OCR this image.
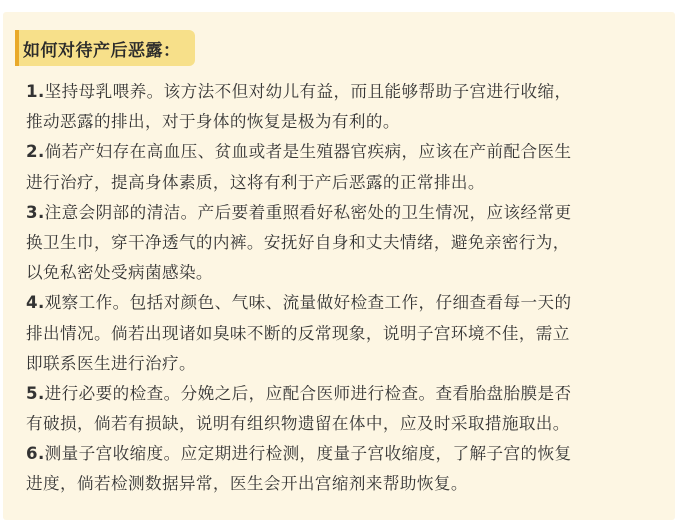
如何对待产后恶露：
1.坚持母乳喂养。该方法不但对幼儿有益，而且能够帮助子宫进行收缩，
推动恶露的排出，对于身体的恢复是极为有利的。
2.倘若产妇存在高血压、贫血或者是生殖器官疾病，应该在产前配合医生
进行治疗，提高身体素质，这将有利于产后恶露的正常排出。
3.注意会阴部的清洁。产后要着重照看好私密处的卫生情况，应该经常更
换卫生巾，穿干净透气的内裤。安抚好自身和丈夫情绪，避免亲密行为，
以免私密处受病菌感染。
4.观察工作。包括对颜色、气味、流量做好检查工作，仔细查看每一天的
排出情况。倘若出现诸如臭味不断的反常现象，说明子宫环境不佳，需立
即联系医生进行治疗。
5.进行必要的检查。分娩之后，应配合医师进行检查。查看胎盘胎膜是否
有破损，倘若有损缺，说明有组织物遗留在体中，应及时采取措施取出。
6.测量子宫收缩度。应定期进行检测，度量子宫收缩度，了解子宫的恢复
进度，倘若检测数据异常，医生会开出宫缩剂来帮助恢复。
